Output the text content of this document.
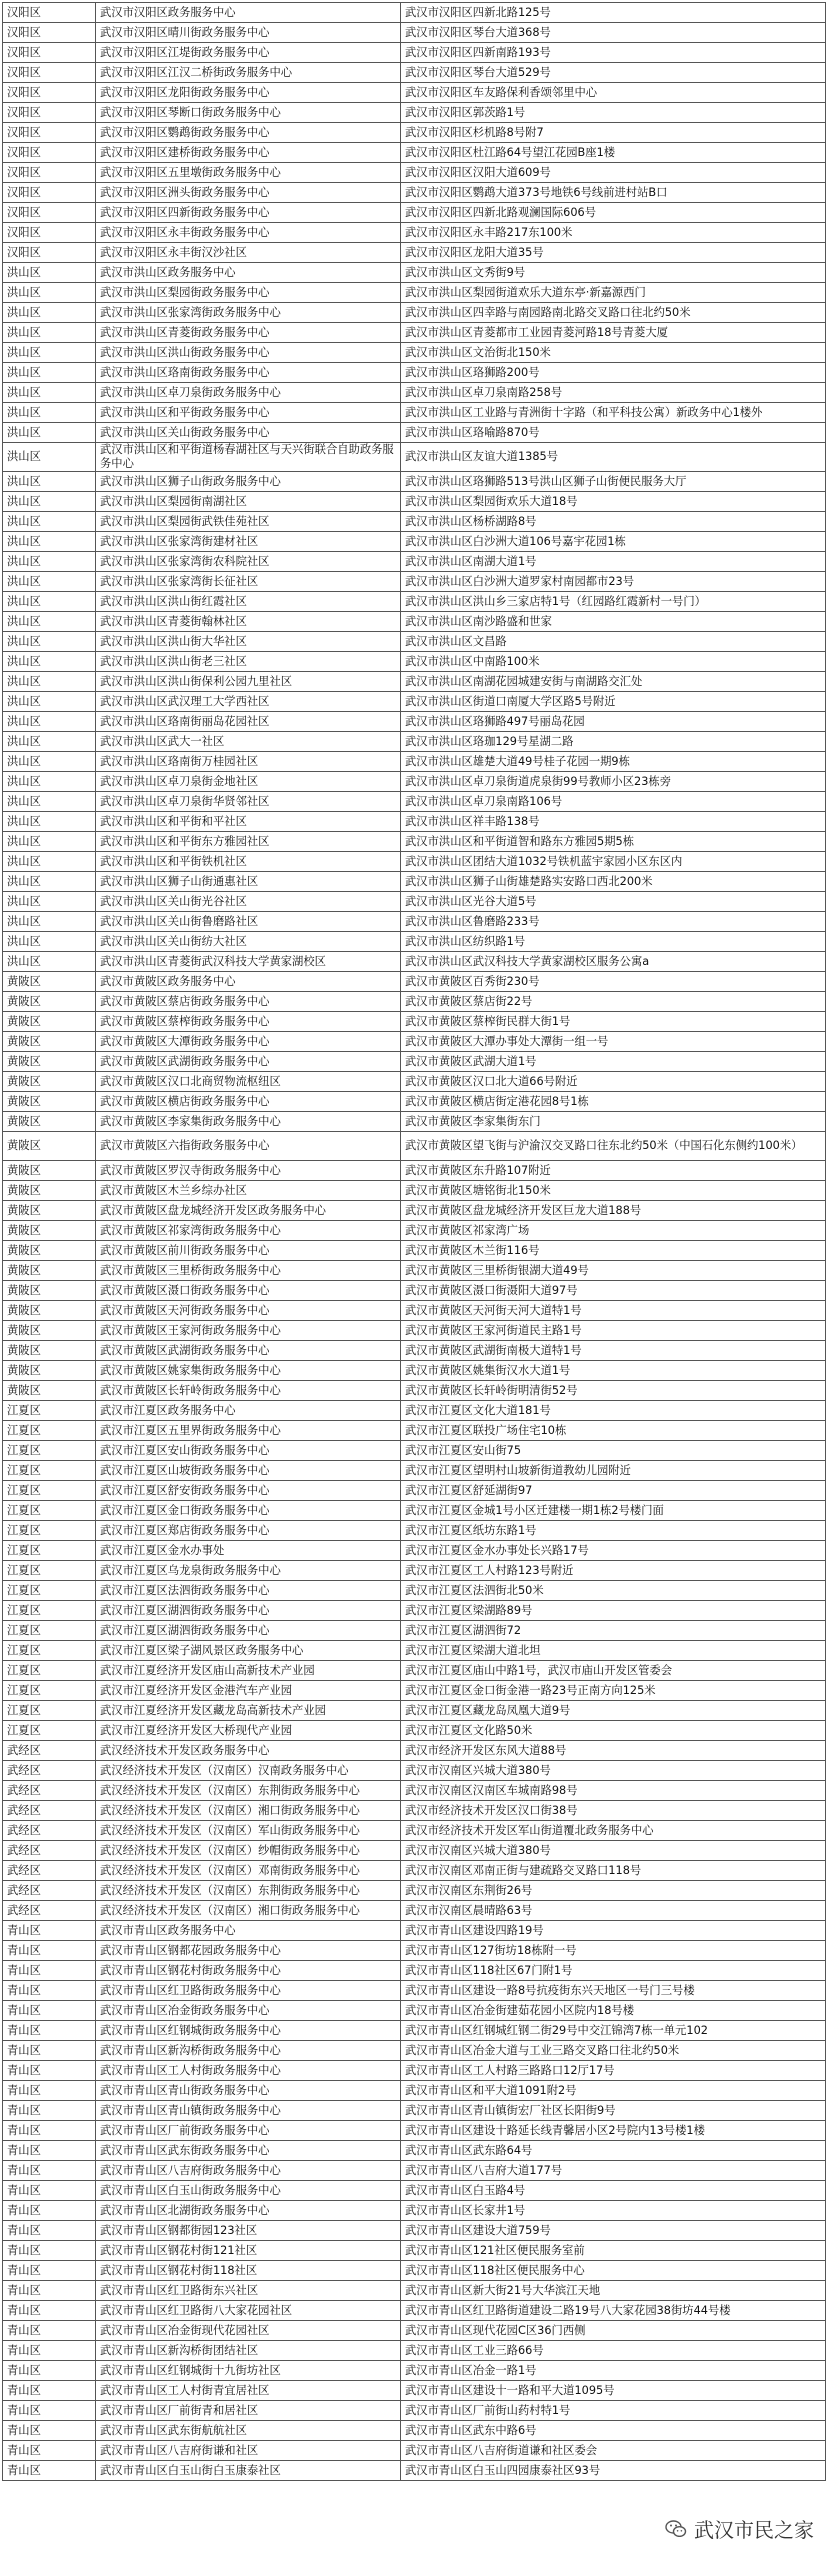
汉阳区	武汉市汉阳区政务服务中心	武汉市汉阳区四新北路125号
汉阳区	武汉市汉阳区晴川街政务服务中心	武汉市汉阳区琴台大道368号
汉阳区	武汉市汉阳区江堤街政务服务中心	武汉市汉阳区四新南路193号
汉阳区	武汉市汉阳区江汉二桥街政务服务中心	武汉市汉阳区琴台大道529号
汉阳区	武汉市汉阳区龙阳街政务服务中心	武汉市汉阳区车友路保利香颂邻里中心
汉阳区	武汉市汉阳区琴断口街政务服务中心	武汉市汉阳区郭茨路1号
汉阳区	武汉市汉阳区鹦鹉街政务服务中心	武汉市汉阳区杉机路8号附7
汉阳区	武汉市汉阳区建桥街政务服务中心	武汉市汉阳区杜江路64号望江花园B座1楼
汉阳区	武汉市汉阳区五里墩街政务服务中心	武汉市汉阳区汉阳大道609号
汉阳区	武汉市汉阳区洲头街政务服务中心	武汉市汉阳区鹦鹉大道373号地铁6号线前进村站B口
汉阳区	武汉市汉阳区四新街政务服务中心	武汉市汉阳区四新北路观澜国际606号
汉阳区	武汉市汉阳区永丰街政务服务中心	武汉市汉阳区永丰路217东100米
汉阳区	武汉市汉阳区永丰街汉沙社区	武汉市汉阳区龙阳大道35号
洪山区	武汉市洪山区政务服务中心	武汉市洪山区文秀街9号
洪山区	武汉市洪山区梨园街政务服务中心	武汉市洪山区梨园街道欢乐大道东亭·新嘉源西门
洪山区	武汉市洪山区张家湾街政务服务中心	武汉市洪山区四幸路与南园路南北路交叉路口往北约50米
洪山区	武汉市洪山区青菱街政务服务中心	武汉市洪山区青菱都市工业园青菱河路18号青菱大厦
洪山区	武汉市洪山区洪山街政务服务中心	武汉市洪山区文治街北150米
洪山区	武汉市洪山区珞南街政务服务中心	武汉市洪山区珞狮路200号
洪山区	武汉市洪山区卓刀泉街政务服务中心	武汉市洪山区卓刀泉南路258号
洪山区	武汉市洪山区和平街政务服务中心	武汉市洪山区工业路与青洲街十字路（和平科技公寓）新政务中心1楼外
洪山区	武汉市洪山区关山街政务服务中心	武汉市洪山区珞喻路870号
洪山区	武汉市洪山区和平街道杨春湖社区与天兴街联合自助政务服务中心	武汉市洪山区友谊大道1385号
洪山区	武汉市洪山区狮子山街政务服务中心	武汉市洪山区珞狮路513号洪山区狮子山街便民服务大厅
洪山区	武汉市洪山区梨园街南湖社区	武汉市洪山区梨园街欢乐大道18号
洪山区	武汉市洪山区梨园街武铁佳苑社区	武汉市洪山区杨桥湖路8号
洪山区	武汉市洪山区张家湾街建材社区	武汉市洪山区白沙洲大道106号嘉宇花园1栋
洪山区	武汉市洪山区张家湾街农科院社区	武汉市洪山区南湖大道1号
洪山区	武汉市洪山区张家湾街长征社区	武汉市洪山区白沙洲大道罗家村南园都市23号
洪山区	武汉市洪山区洪山街红霞社区	武汉市洪山区洪山乡三家店特1号（红园路红霞新村一号门）
洪山区	武汉市洪山区青菱街翰林社区	武汉市洪山区南沙路盛和世家
洪山区	武汉市洪山区洪山街大华社区	武汉市洪山区文昌路
洪山区	武汉市洪山区洪山街老三社区	武汉市洪山区中南路100米
洪山区	武汉市洪山区洪山街保利公园九里社区	武汉市洪山区南湖花园城建安街与南湖路交汇处
洪山区	武汉市洪山区武汉理工大学西社区	武汉市洪山区街道口南厦大学区路5号附近
洪山区	武汉市洪山区珞南街丽岛花园社区	武汉市洪山区珞狮路497号丽岛花园
洪山区	武汉市洪山区武大一社区	武汉市洪山区珞珈129号星湖二路
洪山区	武汉市洪山区珞南街万桂园社区	武汉市洪山区雄楚大道49号桂子花园一期9栋
洪山区	武汉市洪山区卓刀泉街金地社区	武汉市洪山区卓刀泉街道虎泉街99号教师小区23栋旁
洪山区	武汉市洪山区卓刀泉街华贤邻社区	武汉市洪山区卓刀泉南路106号
洪山区	武汉市洪山区和平街和平社区	武汉市洪山区祥丰路138号
洪山区	武汉市洪山区和平街东方雅园社区	武汉市洪山区和平街道智和路东方雅园5期5栋
洪山区	武汉市洪山区和平街铁机社区	武汉市洪山区团结大道1032号铁机蓝宇家园小区东区内
洪山区	武汉市洪山区狮子山街通惠社区	武汉市洪山区狮子山街雄楚路实安路口西北200米
洪山区	武汉市洪山区关山街光谷社区	武汉市洪山区光谷大道5号
洪山区	武汉市洪山区关山街鲁磨路社区	武汉市洪山区鲁磨路233号
洪山区	武汉市洪山区关山街纺大社区	武汉市洪山区纺织路1号
洪山区	武汉市洪山区青菱街武汉科技大学黄家湖校区	武汉市洪山区武汉科技大学黄家湖校区服务公寓a
黄陂区	武汉市黄陂区政务服务中心	武汉市黄陂区百秀街230号
黄陂区	武汉市黄陂区蔡店街政务服务中心	武汉市黄陂区蔡店街22号
黄陂区	武汉市黄陂区蔡榨街政务服务中心	武汉市黄陂区蔡榨街民群大街1号
黄陂区	武汉市黄陂区大潭街政务服务中心	武汉市黄陂区大潭办事处大潭街一组一号
黄陂区	武汉市黄陂区武湖街政务服务中心	武汉市黄陂区武湖大道1号
黄陂区	武汉市黄陂区汉口北商贸物流枢纽区	武汉市黄陂区汉口北大道66号附近
黄陂区	武汉市黄陂区横店街政务服务中心	武汉市黄陂区横店街定港花园8号1栋
黄陂区	武汉市黄陂区李家集街政务服务中心	武汉市黄陂区李家集街东门
黄陂区	武汉市黄陂区六指街政务服务中心	武汉市黄陂区望飞街与沪渝汉交叉路口往东北约50米（中国石化东侧约100米）
黄陂区	武汉市黄陂区罗汉寺街政务服务中心	武汉市黄陂区东升路107附近
黄陂区	武汉市黄陂区木兰乡综办社区	武汉市黄陂区塘铭街北150米
黄陂区	武汉市黄陂区盘龙城经济开发区政务服务中心	武汉市黄陂区盘龙城经济开发区巨龙大道188号
黄陂区	武汉市黄陂区祁家湾街政务服务中心	武汉市黄陂区祁家湾广场
黄陂区	武汉市黄陂区前川街政务服务中心	武汉市黄陂区木兰街116号
黄陂区	武汉市黄陂区三里桥街政务服务中心	武汉市黄陂区三里桥街银湖大道49号
黄陂区	武汉市黄陂区滠口街政务服务中心	武汉市黄陂区滠口街滠阳大道97号
黄陂区	武汉市黄陂区天河街政务服务中心	武汉市黄陂区天河街天河大道特1号
黄陂区	武汉市黄陂区王家河街政务服务中心	武汉市黄陂区王家河街道民主路1号
黄陂区	武汉市黄陂区武湖街政务服务中心	武汉市黄陂区武湖街南极大道特1号
黄陂区	武汉市黄陂区姚家集街政务服务中心	武汉市黄陂区姚集街汉水大道1号
黄陂区	武汉市黄陂区长轩岭街政务服务中心	武汉市黄陂区长轩岭街明清街52号
江夏区	武汉市江夏区政务服务中心	武汉市江夏区文化大道181号
江夏区	武汉市江夏区五里界街政务服务中心	武汉市江夏区联投广场住宅10栋
江夏区	武汉市江夏区安山街政务服务中心	武汉市江夏区安山街75
江夏区	武汉市江夏区山坡街政务服务中心	武汉市江夏区望明村山坡新街道教幼儿园附近
江夏区	武汉市江夏区舒安街政务服务中心	武汉市江夏区舒延湖街97
江夏区	武汉市江夏区金口街政务服务中心	武汉市江夏区金城1号小区迁建楼一期1栋2号楼门面
江夏区	武汉市江夏区郑店街政务服务中心	武汉市江夏区纸坊东路1号
江夏区	武汉市江夏区金水办事处	武汉市江夏区金水办事处长兴路17号
江夏区	武汉市江夏区乌龙泉街政务服务中心	武汉市江夏区工人村路123号附近
江夏区	武汉市江夏区法泗街政务服务中心	武汉市江夏区法泗街北50米
江夏区	武汉市江夏区湖泗街政务服务中心	武汉市江夏区梁湖路89号
江夏区	武汉市江夏区湖泗街政务服务中心	武汉市江夏区湖泗街72
江夏区	武汉市江夏区梁子湖风景区政务服务中心	武汉市江夏区梁湖大道北坦
江夏区	武汉市江夏经济开发区庙山高新技术产业园	武汉市江夏区庙山中路1号，武汉市庙山开发区管委会
江夏区	武汉市江夏经济开发区金港汽车产业园	武汉市江夏区金口街金港一路23号正南方向125米
江夏区	武汉市江夏经济开发区藏龙岛高新技术产业园	武汉市江夏区藏龙岛凤凰大道9号
江夏区	武汉市江夏经济开发区大桥现代产业园	武汉市江夏区文化路50米
武经区	武汉经济技术开发区政务服务中心	武汉市经济开发区东风大道88号
武经区	武汉经济技术开发区（汉南区）汉南政务服务中心	武汉市汉南区兴城大道380号
武经区	武汉经济技术开发区（汉南区）东荆街政务服务中心	武汉市汉南区汉南区车城南路98号
武经区	武汉经济技术开发区（汉南区）湘口街政务服务中心	武汉市经济技术开发区汉口街38号
武经区	武汉经济技术开发区（汉南区）军山街政务服务中心	武汉市经济技术开发区军山街道覆北政务服务中心
武经区	武汉经济技术开发区（汉南区）纱帽街政务服务中心	武汉市汉南区兴城大道380号
武经区	武汉经济技术开发区（汉南区）邓南街政务服务中心	武汉市汉南区邓南正街与建疏路交叉路口118号
武经区	武汉经济技术开发区（汉南区）东荆街政务服务中心	武汉市汉南区东荆街26号
武经区	武汉经济技术开发区（汉南区）湘口街政务服务中心	武汉市汉南区晨晴路63号
青山区	武汉市青山区政务服务中心	武汉市青山区建设四路19号
青山区	武汉市青山区钢都花园政务服务中心	武汉市青山区127街坊18栋附一号
青山区	武汉市青山区钢花村街政务服务中心	武汉市青山区118社区67门附1号
青山区	武汉市青山区红卫路街政务服务中心	武汉市青山区建设一路8号抗疫街东兴天地区一号门三号楼
青山区	武汉市青山区冶金街政务服务中心	武汉市青山区冶金街建茹花园小区院内18号楼
青山区	武汉市青山区红钢城街政务服务中心	武汉市青山区红钢城红钢二街29号中交江锦湾7栋一单元102
青山区	武汉市青山区新沟桥街政务服务中心	武汉市青山区冶金大道与工业三路交叉路口往北约50米
青山区	武汉市青山区工人村街政务服务中心	武汉市青山区工人村路三路路口12厅17号
青山区	武汉市青山区青山街政务服务中心	武汉市青山区和平大道1091附2号
青山区	武汉市青山区青山镇街政务服务中心	武汉市青山区青山镇街宏厂社区长阳街9号
青山区	武汉市青山区厂前街政务服务中心	武汉市青山区建设十路延长线青馨居小区2号院内13号楼1楼
青山区	武汉市青山区武东街政务服务中心	武汉市青山区武东路64号
青山区	武汉市青山区八吉府街政务服务中心	武汉市青山区八吉府大道177号
青山区	武汉市青山区白玉山街政务服务中心	武汉市青山区白玉路4号
青山区	武汉市青山区北湖街政务服务中心	武汉市青山区长家井1号
青山区	武汉市青山区钢都街园123社区	武汉市青山区建设大道759号
青山区	武汉市青山区钢花村街121社区	武汉市青山区121社区便民服务室前
青山区	武汉市青山区钢花村街118社区	武汉市青山区118社区便民服务中心
青山区	武汉市青山区红卫路街东兴社区	武汉市青山区新大街21号大华滨江天地
青山区	武汉市青山区红卫路街八大家花园社区	武汉市青山区红卫路街道建设二路19号八大家花园38街坊44号楼
青山区	武汉市青山区冶金街现代花园社区	武汉市青山区现代花园C区36门西侧
青山区	武汉市青山区新沟桥街团结社区	武汉市青山区工业三路66号
青山区	武汉市青山区红钢城街十九街坊社区	武汉市青山区冶金一路1号
青山区	武汉市青山区工人村街青宜居社区	武汉市青山区建设十一路和平大道1095号
青山区	武汉市青山区厂前街青和居社区	武汉市青山区厂前街山药村特1号
青山区	武汉市青山区武东街航航社区	武汉市青山区武东中路6号
青山区	武汉市青山区八吉府街谦和社区	武汉市青山区八吉府街道谦和社区委会
青山区	武汉市青山区白玉山街白玉康泰社区	武汉市青山区白玉山四园康泰社区93号
武汉市民之家
